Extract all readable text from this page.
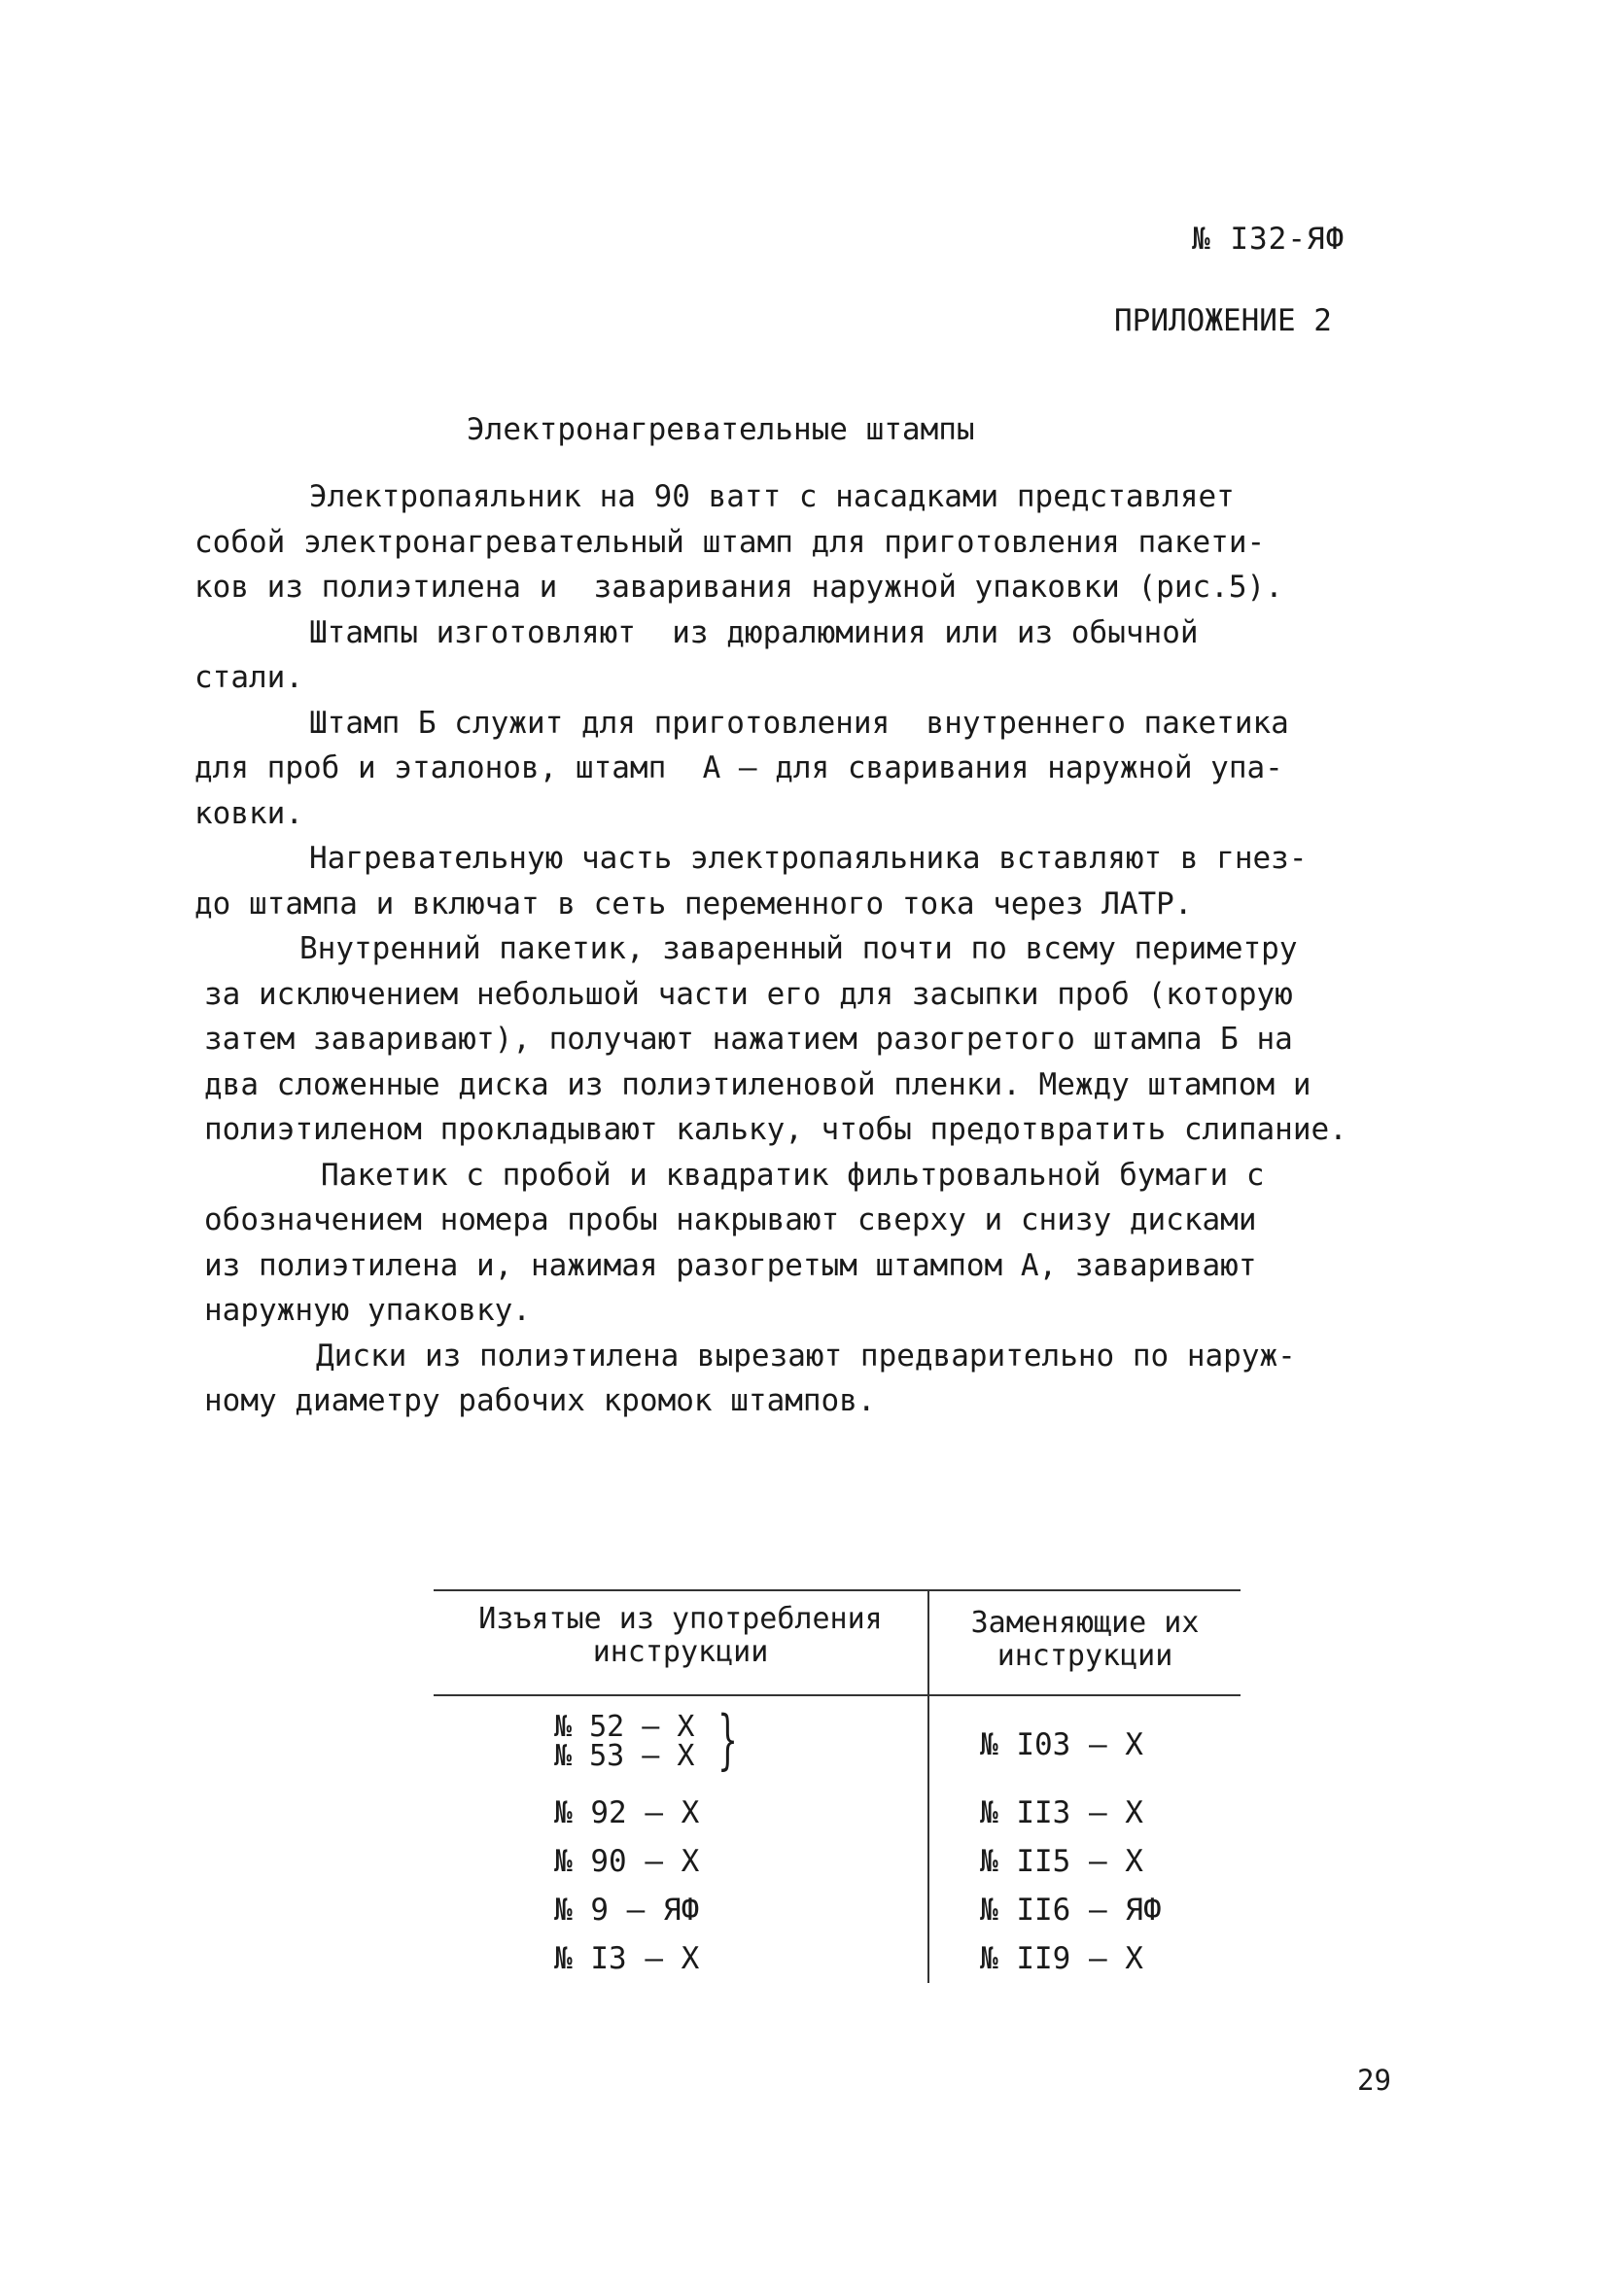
№ I32-ЯФ
ПРИЛОЖЕНИЕ 2
Электронагревательные штампы
Электропаяльник на 90 ватт с насадками представляет
собой электронагревательный штамп для приготовления пакети-
ков из полиэтилена и  заваривания наружной упаковки (рис.5).
Штампы изготовляют  из дюралюминия или из обычной
стали.
Штамп Б служит для приготовления  внутреннего пакетика
для проб и эталонов, штамп  А – для сваривания наружной упа-
ковки.
Нагревательную часть электропаяльника вставляют в гнез-
до штампа и включат в сеть переменного тока через ЛАТР.
Внутренний пакетик, заваренный почти по всему периметру
за исключением небольшой части его для засыпки проб (которую
затем заваривают), получают нажатием разогретого штампа Б на
два сложенные диска из полиэтиленовой пленки. Между штампом и
полиэтиленом прокладывают кальку, чтобы предотвратить слипание.
Пакетик с пробой и квадратик фильтровальной бумаги с
обозначением номера пробы накрывают сверху и снизу дисками
из полиэтилена и, нажимая разогретым штампом А, заваривают
наружную упаковку.
Диски из полиэтилена вырезают предварительно по наруж-
ному диаметру рабочих кромок штампов.
Изъятые из употребления
инструкции
Заменяющие их
инструкции
№ 52 – X
№ 53 – X }
№ 92 – X
№ 90 – X
№ 9 – ЯФ
№ I3 – X
№ I03 – X
№ II3 – X
№ II5 – X
№ II6 – ЯФ
№ II9 – X
29
